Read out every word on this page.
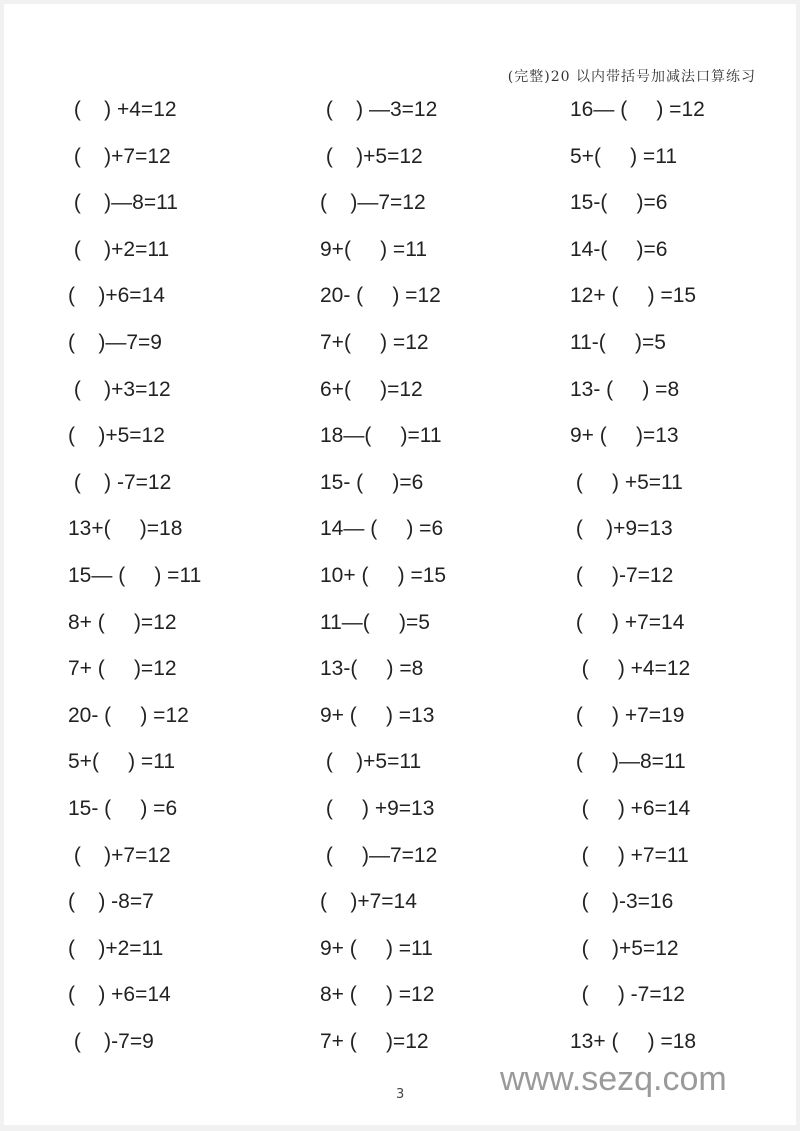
(完整)20 以内带括号加减法口算练习
(    ) +4=12	(    ) —3=12	16— (     ) =12
(    )+7=12	(    )+5=12	5+(     ) =11
(    )—8=11	(    )—7=12	15-(     )=6
(    )+2=11	9+(     ) =11	14-(     )=6
(    )+6=14	20- (     ) =12	12+ (     ) =15
(    )—7=9	7+(     ) =12	11-(     )=5
(    )+3=12	6+(     )=12	13- (     ) =8
(    )+5=12	18—(     )=11	9+ (     )=13
(    ) -7=12	15- (     )=6	(     ) +5=11
13+(     )=18	14— (     ) =6	(    )+9=13
15— (     ) =11	10+ (     ) =15	(     )-7=12
8+ (     )=12	11—(     )=5	(     ) +7=14
7+ (     )=12	13-(     ) =8	(     ) +4=12
20- (     ) =12	9+ (     ) =13	(     ) +7=19
5+(     ) =11	(    )+5=11	(     )—8=11
15- (     ) =6	(     ) +9=13	(     ) +6=14
(    )+7=12	(     )—7=12	(     ) +7=11
(    ) -8=7	(    )+7=14	(    )-3=16
(    )+2=11	9+ (     ) =11	(    )+5=12
(    ) +6=14	8+ (     ) =12	(     ) -7=12
(    )-7=9	7+ (     )=12	13+ (     ) =18
3	www.sezq.com
